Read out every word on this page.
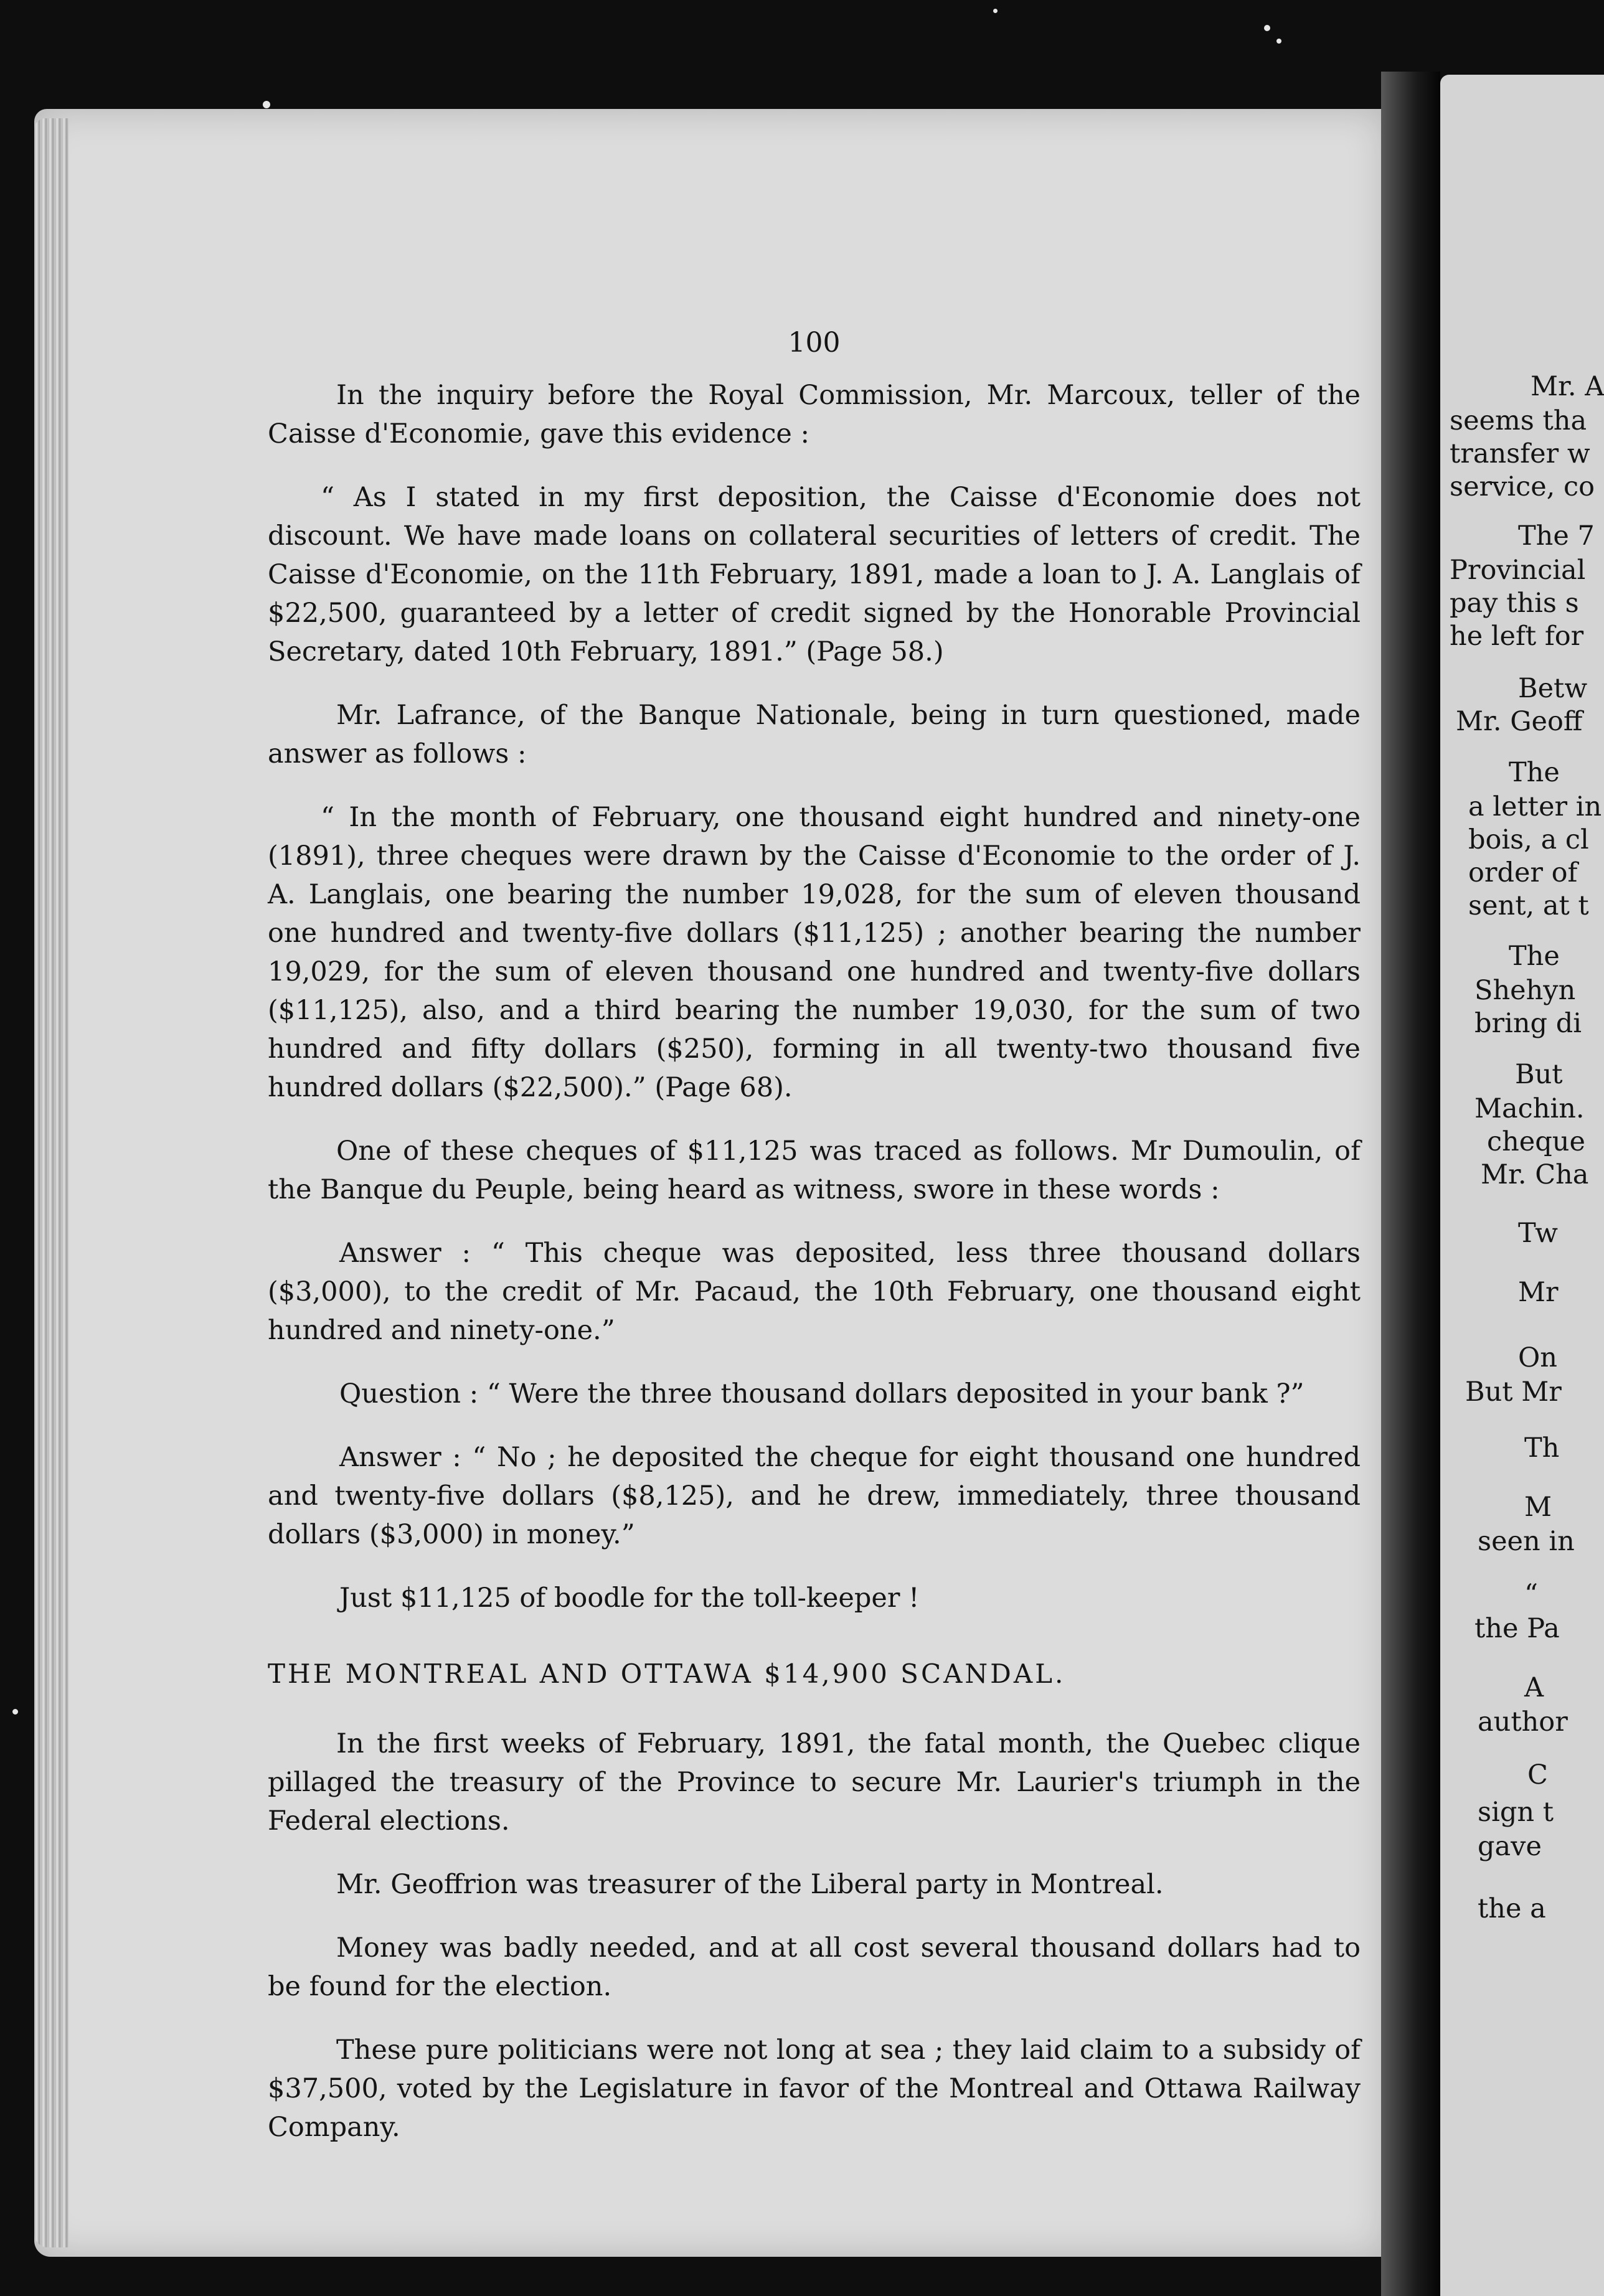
Mr. A
seems tha
transfer w
service, co
The 7
Provincial
pay this s
he left for
Betw
Mr. Geoff
The
a letter in
bois, a cl
order of
sent, at t
The
Shehyn
bring di
But
Machin.
cheque
Mr. Cha
Tw
Mr
On
But Mr
Th
M
seen in
“
the Pa
A
author
C
sign t
gave
the a
100

In the inquiry before the Royal Commission, Mr. Marcoux, teller of the Caisse d'Economie, gave this evidence :

“ As I stated in my first deposition, the Caisse d'Economie does not discount. We have made loans on collateral securities of letters of credit. The Caisse d'Economie, on the 11th February, 1891, made a loan to J. A. Langlais of $22,500, guaranteed by a letter of credit signed by the Honorable Provincial Secretary, dated 10th February, 1891.” (Page 58.)

Mr. Lafrance, of the Banque Nationale, being in turn questioned, made answer as follows :

“ In the month of February, one thousand eight hundred and ninety-one (1891), three cheques were drawn by the Caisse d'Economie to the order of J. A. Langlais, one bearing the number 19,028, for the sum of eleven thousand one hundred and twenty-five dollars ($11,125) ; another bearing the number 19,029, for the sum of eleven thousand one hundred and twenty-five dollars ($11,125), also, and a third bearing the number 19,030, for the sum of two hundred and fifty dollars ($250), forming in all twenty-two thousand five hundred dollars ($22,500).” (Page 68).

One of these cheques of $11,125 was traced as follows. Mr Dumoulin, of the Banque du Peuple, being heard as witness, swore in these words :

Answer : “ This cheque was deposited, less three thousand dollars ($3,000), to the credit of Mr. Pacaud, the 10th February, one thousand eight hundred and ninety-one.”

Question : “ Were the three thousand dollars deposited in your bank ?”

Answer : “ No ; he deposited the cheque for eight thousand one hundred and twenty-five dollars ($8,125), and he drew, immediately, three thousand dollars ($3,000) in money.”

Just $11,125 of boodle for the toll-keeper !

THE MONTREAL AND OTTAWA $14,900 SCANDAL.

In the first weeks of February, 1891, the fatal month, the Quebec clique pillaged the treasury of the Province to secure Mr. Laurier's triumph in the Federal elections.

Mr. Geoffrion was treasurer of the Liberal party in Montreal.

Money was badly needed, and at all cost several thousand dollars had to be found for the election.

These pure politicians were not long at sea ; they laid claim to a subsidy of $37,500, voted by the Legislature in favor of the Montreal and Ottawa Railway Company.
